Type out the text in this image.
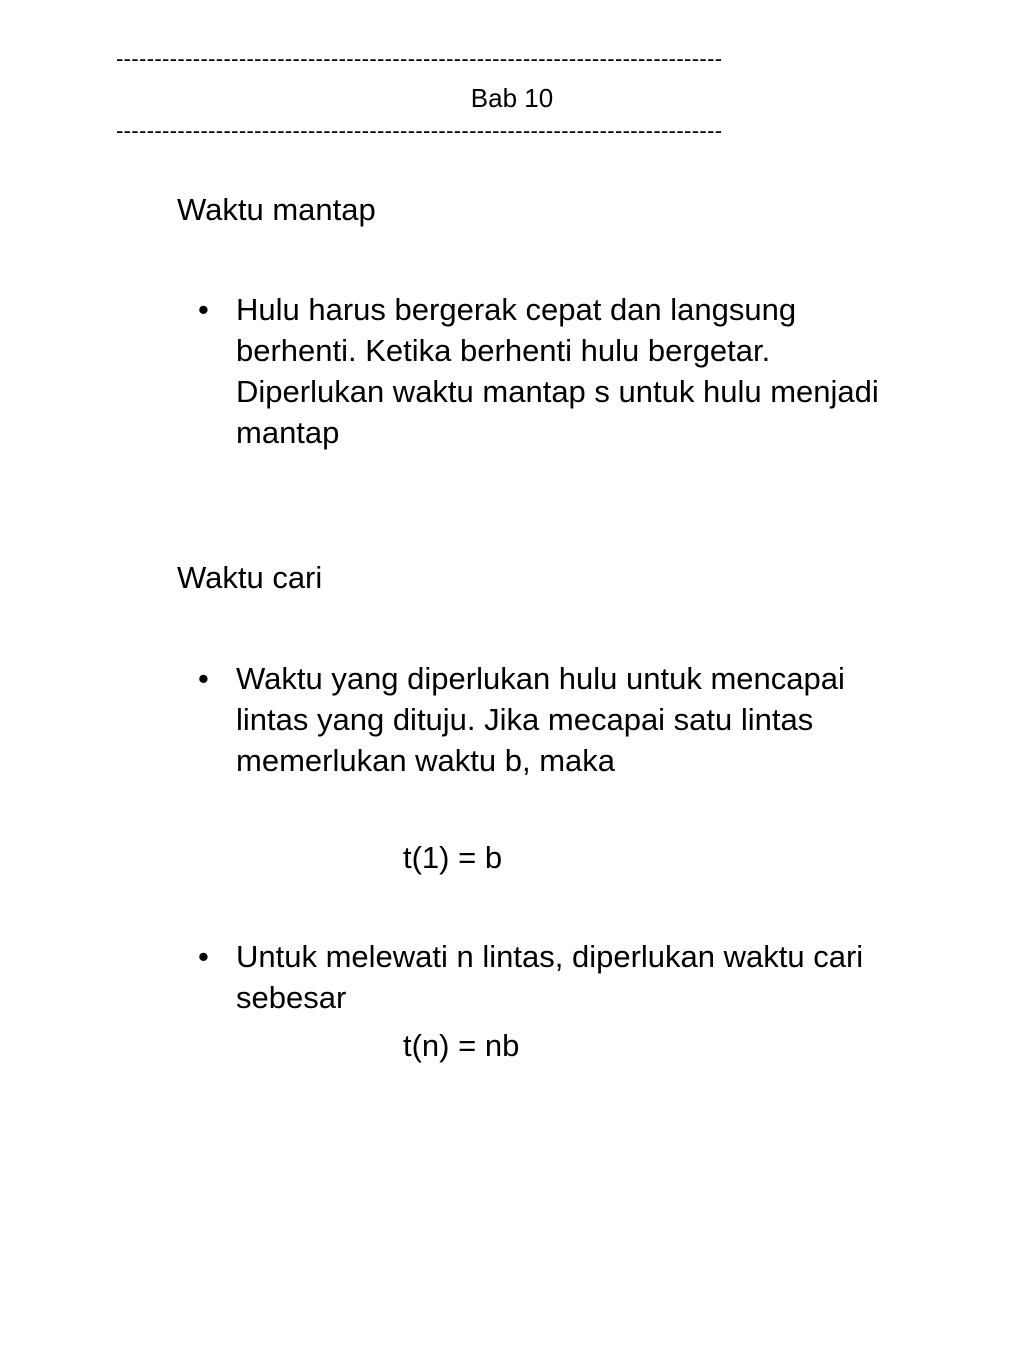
-------------------------------------------------------------------------------
Bab 10
-------------------------------------------------------------------------------
Waktu mantap
• Hulu harus bergerak cepat dan langsung
berhenti. Ketika berhenti hulu bergetar.
Diperlukan waktu mantap s untuk hulu menjadi
mantap
Waktu cari
• Waktu yang diperlukan hulu untuk mencapai
lintas yang dituju. Jika mecapai satu lintas
memerlukan waktu b, maka
t(1) = b
• Untuk melewati n lintas, diperlukan waktu cari
sebesar
t(n) = nb
